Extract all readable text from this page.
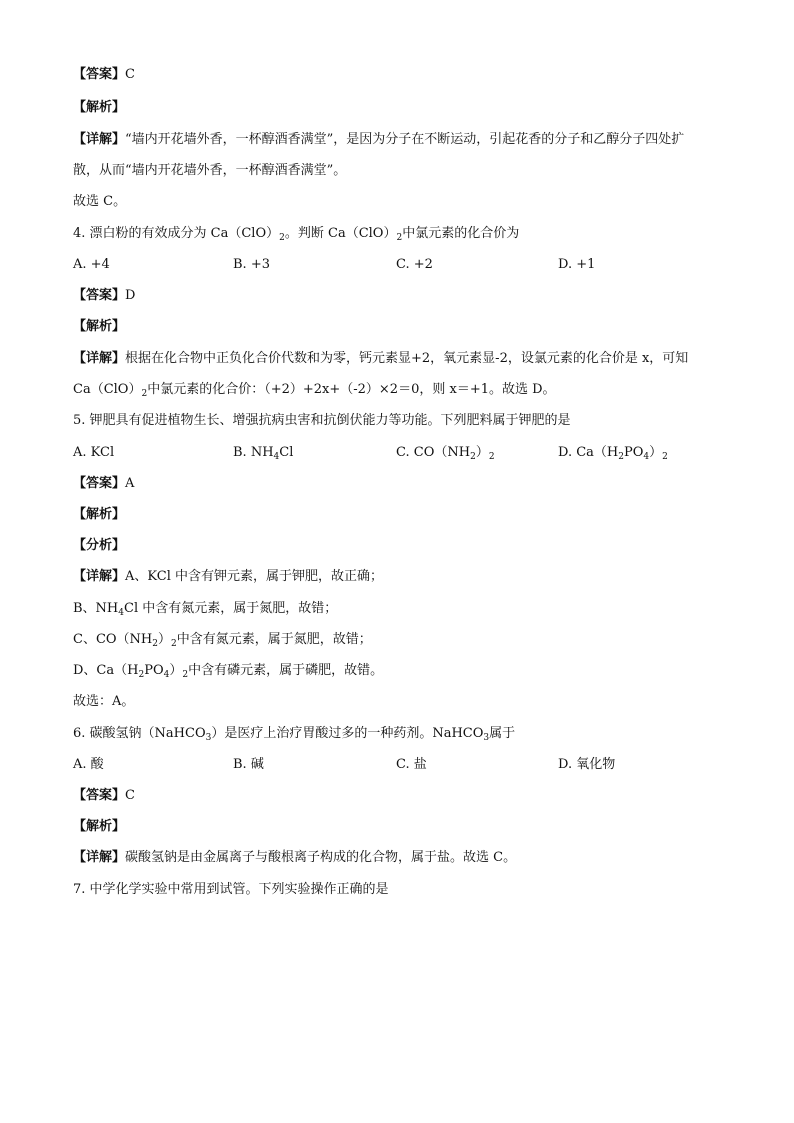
【答案】C
【解析】
【详解】“墙内开花墙外香，一杯醇酒香满堂”，是因为分子在不断运动，引起花香的分子和乙醇分子四处扩
散，从而“墙内开花墙外香，一杯醇酒香满堂”。
故选 C。
4. 漂白粉的有效成分为 $Ca(ClO)_2$。判断 $Ca(ClO)_2$中氯元素的化合价为
A. +4	B. +3	C. +2	D. +1
【答案】D
【解析】
【详解】根据在化合物中正负化合价代数和为零，钙元素显+2，氧元素显-2，设氯元素的化合价是 x，可知
$Ca(ClO)_2$中氯元素的化合价：（+2）+2x+（-2）×2＝0，则 x＝+1。故选 D。
5. 钾肥具有促进植物生长、增强抗病虫害和抗倒伏能力等功能。下列肥料属于钾肥的是
A. KCl	B. $NH_4Cl$	C. $CO(NH_2)_2$	D. $Ca(H_2PO_4)_2$
【答案】A
【解析】
【分析】
【详解】A、KCl 中含有钾元素，属于钾肥，故正确；
B、$NH_4Cl$ 中含有氮元素，属于氮肥，故错；
C、$CO(NH_2)_2$中含有氮元素，属于氮肥，故错；
D、$Ca(H_2PO_4)_2$中含有磷元素，属于磷肥，故错。
故选：A。
6. 碳酸氢钠（NaHCO$_3$）是医疗上治疗胃酸过多的一种药剂。NaHCO$_3$属于
A. 酸	B. 碱	C. 盐	D. 氧化物
【答案】C
【解析】
【详解】碳酸氢钠是由金属离子与酸根离子构成的化合物，属于盐。故选 C。
7. 中学化学实验中常用到试管。下列实验操作正确的是
